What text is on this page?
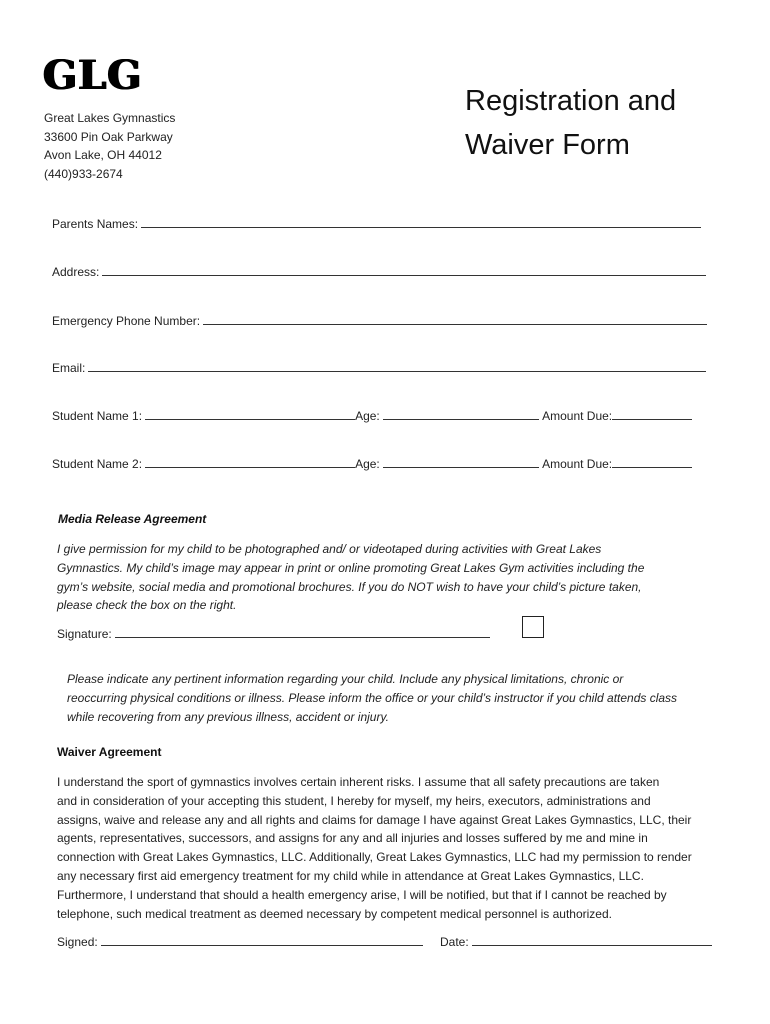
GLG
Great Lakes Gymnastics
33600 Pin Oak Parkway
Avon Lake, OH 44012
(440)933-2674
Registration and
Waiver Form
Parents Names:
Address:
Emergency Phone Number:
Email:
Student Name 1:	Age:	Amount Due:
Student Name 2:	Age:	Amount Due:
Media Release Agreement
I give permission for my child to be photographed and/ or videotaped during activities with Great Lakes
Gymnastics. My child’s image may appear in print or online promoting Great Lakes Gym activities including the
gym’s website, social media and promotional brochures. If you do NOT wish to have your child’s picture taken,
please check the box on the right.
Signature:
Please indicate any pertinent information regarding your child. Include any physical limitations, chronic or
reoccurring physical conditions or illness. Please inform the office or your child’s instructor if you child attends class
while recovering from any previous illness, accident or injury.
Waiver Agreement
I understand the sport of gymnastics involves certain inherent risks. I assume that all safety precautions are taken
and in consideration of your accepting this student, I hereby for myself, my heirs, executors, administrations and
assigns, waive and release any and all rights and claims for damage I have against Great Lakes Gymnastics, LLC, their
agents, representatives, successors, and assigns for any and all injuries and losses suffered by me and mine in
connection with Great Lakes Gymnastics, LLC. Additionally, Great Lakes Gymnastics, LLC had my permission to render
any necessary first aid emergency treatment for my child while in attendance at Great Lakes Gymnastics, LLC.
Furthermore, I understand that should a health emergency arise, I will be notified, but that if I cannot be reached by
telephone, such medical treatment as deemed necessary by competent medical personnel is authorized.
Signed:	Date:
